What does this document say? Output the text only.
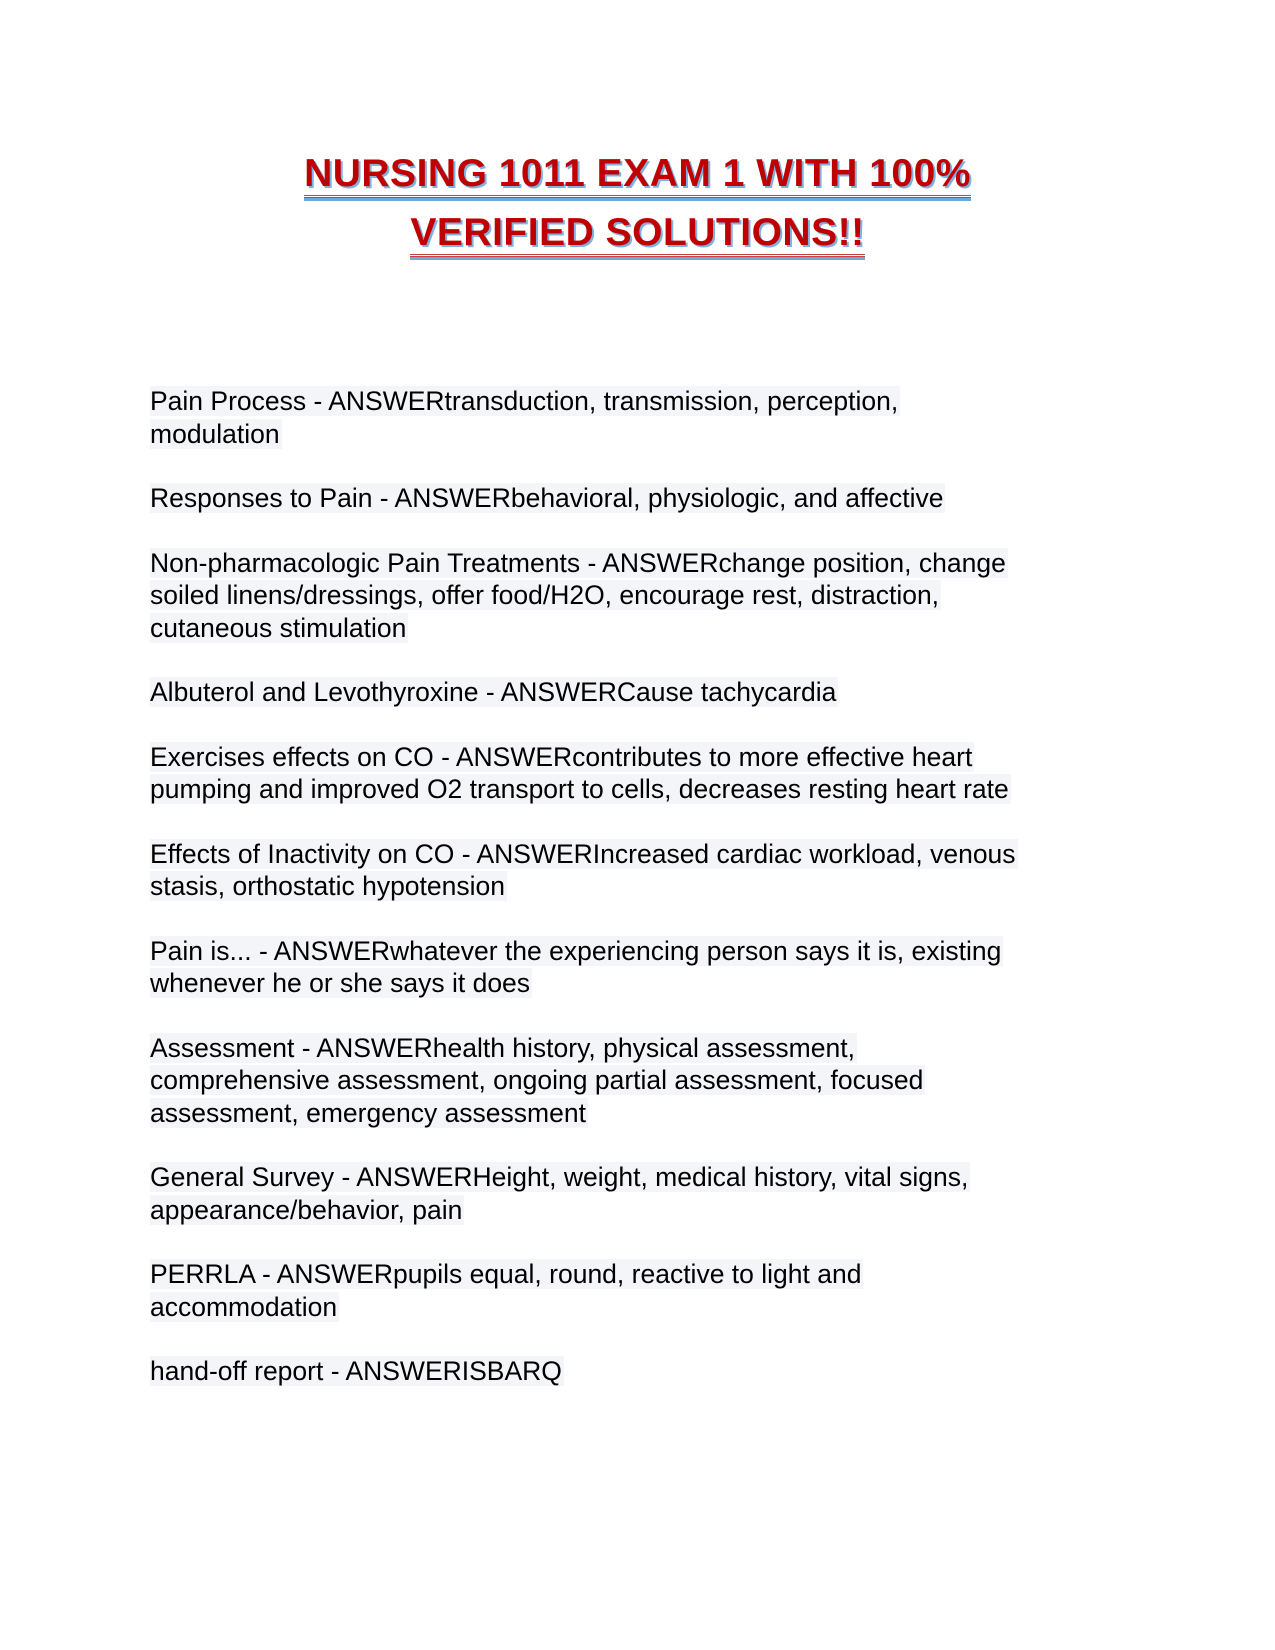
NURSING 1011 EXAM 1 WITH 100%
VERIFIED SOLUTIONS!!
Pain Process - ANSWERtransduction, transmission, perception,
modulation
Responses to Pain - ANSWERbehavioral, physiologic, and affective
Non-pharmacologic Pain Treatments - ANSWERchange position, change
soiled linens/dressings, offer food/H2O, encourage rest, distraction,
cutaneous stimulation
Albuterol and Levothyroxine - ANSWERCause tachycardia
Exercises effects on CO - ANSWERcontributes to more effective heart
pumping and improved O2 transport to cells, decreases resting heart rate
Effects of Inactivity on CO - ANSWERIncreased cardiac workload, venous
stasis, orthostatic hypotension
Pain is... - ANSWERwhatever the experiencing person says it is, existing
whenever he or she says it does
Assessment - ANSWERhealth history, physical assessment,
comprehensive assessment, ongoing partial assessment, focused
assessment, emergency assessment
General Survey - ANSWERHeight, weight, medical history, vital signs,
appearance/behavior, pain
PERRLA - ANSWERpupils equal, round, reactive to light and
accommodation
hand-off report - ANSWERISBARQ
